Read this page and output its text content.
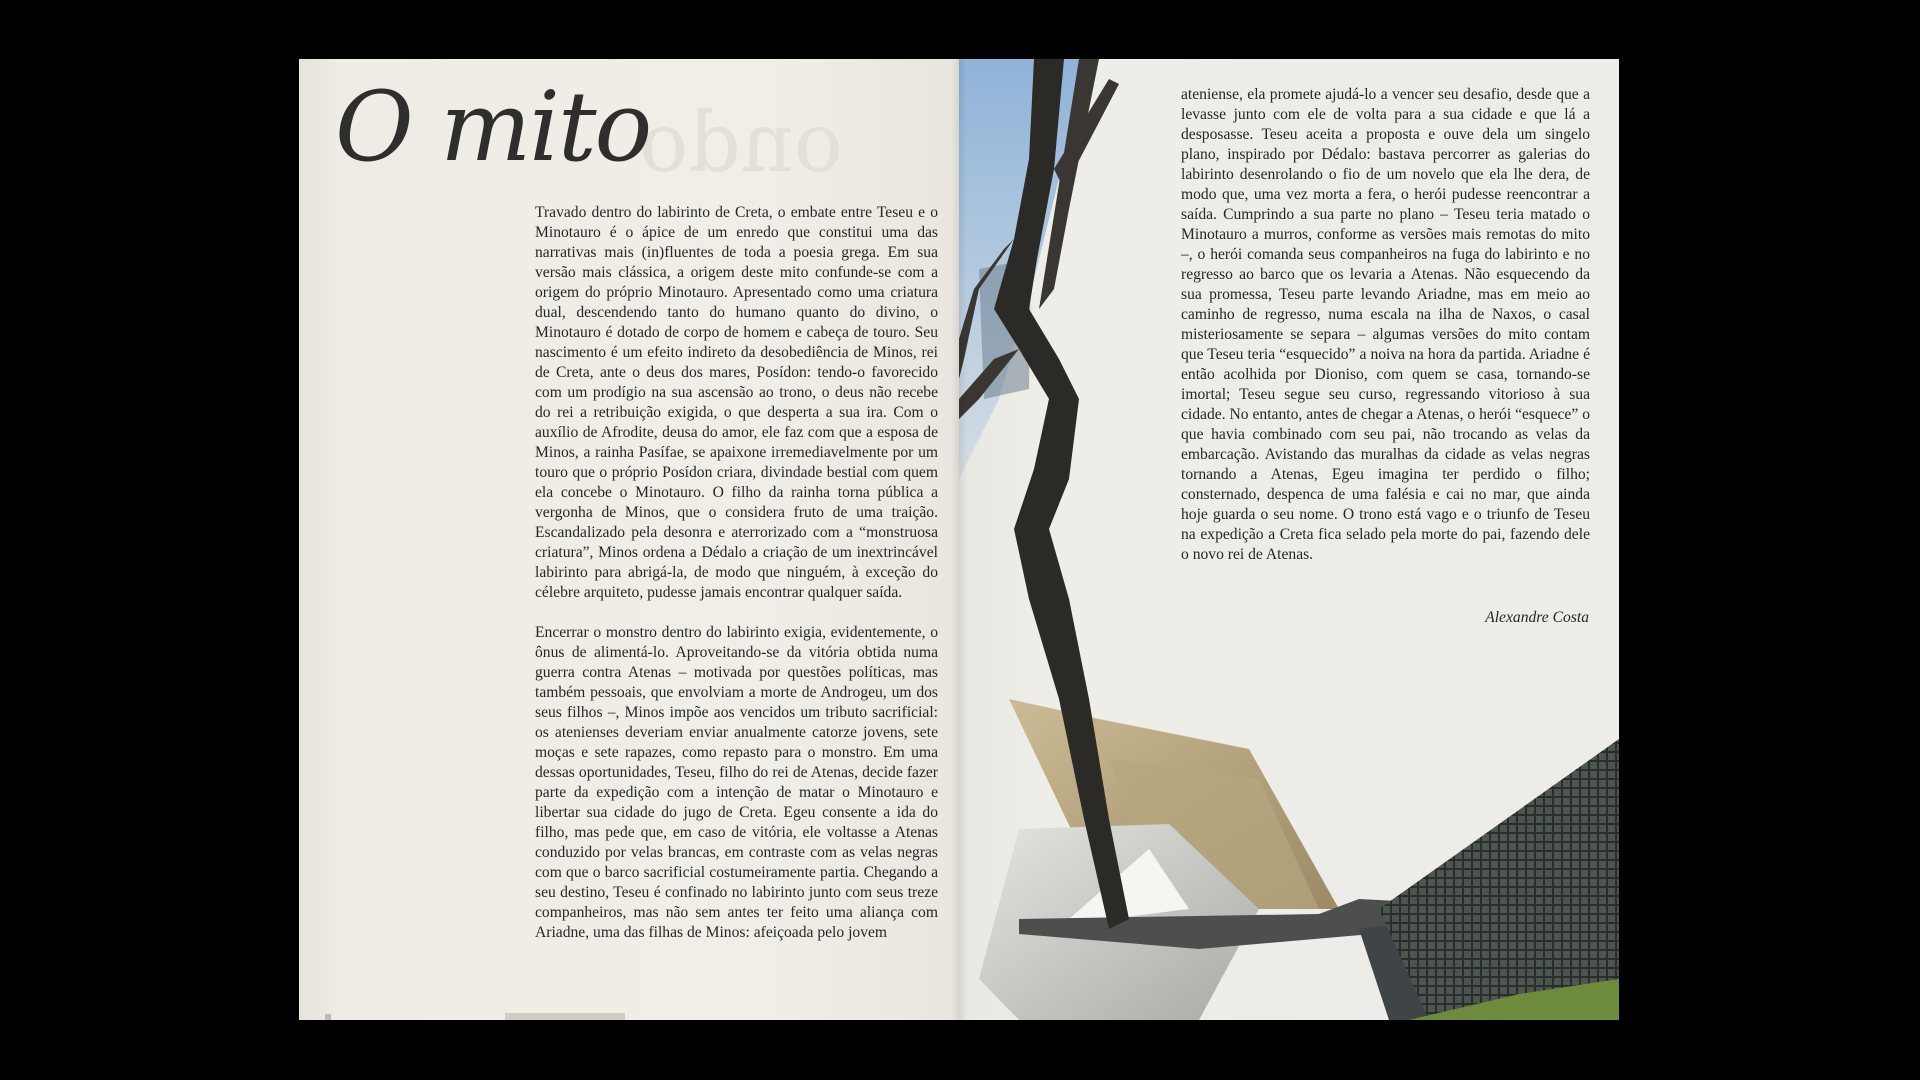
ondo
O mito

Travado dentro do labirinto de Creta, o embate entre Teseu e o Minotauro é o ápice de um enredo que constitui uma das narrativas mais (in)fluentes de toda a poesia grega. Em sua versão mais clássica, a origem deste mito confunde-se com a origem do próprio Minotauro. Apresentado como uma criatura dual, descendendo tanto do humano quanto do divino, o Minotauro é dotado de corpo de homem e cabeça de touro. Seu nascimento é um efeito indireto da desobediência de Minos, rei de Creta, ante o deus dos mares, Posídon: tendo-o favorecido com um prodígio na sua ascensão ao trono, o deus não recebe do rei a retribuição exigida, o que desperta a sua ira. Com o auxílio de Afrodite, deusa do amor, ele faz com que a esposa de Minos, a rainha Pasífae, se apaixone irremediavelmente por um touro que o próprio Posídon criara, divindade bestial com quem ela concebe o Minotauro. O filho da rainha torna pública a vergonha de Minos, que o considera fruto de uma traição. Escandalizado pela desonra e aterrorizado com a “monstruosa criatura”, Minos ordena a Dédalo a criação de um inextrincável labirinto para abrigá-la, de modo que ninguém, à exceção do célebre arquiteto, pudesse jamais encontrar qualquer saída.

Encerrar o monstro dentro do labirinto exigia, evidentemente, o ônus de alimentá-lo. Aproveitando-se da vitória obtida numa guerra contra Atenas – motivada por questões políticas, mas também pessoais, que envolviam a morte de Androgeu, um dos seus filhos –, Minos impõe aos vencidos um tributo sacrificial: os atenienses deveriam enviar anualmente catorze jovens, sete moças e sete rapazes, como repasto para o monstro. Em uma dessas oportunidades, Teseu, filho do rei de Atenas, decide fazer parte da expedição com a intenção de matar o Minotauro e libertar sua cidade do jugo de Creta. Egeu consente a ida do filho, mas pede que, em caso de vitória, ele voltasse a Atenas conduzido por velas brancas, em contraste com as velas negras com que o barco sacrificial costumeiramente partia. Chegando a seu destino, Teseu é confinado no labirinto junto com seus treze companheiros, mas não sem antes ter feito uma aliança com Ariadne, uma das filhas de Minos: afeiçoada pelo jovem

ateniense, ela promete ajudá-lo a vencer seu desafio, desde que a levasse junto com ele de volta para a sua cidade e que lá a desposasse. Teseu aceita a proposta e ouve dela um singelo plano, inspirado por Dédalo: bastava percorrer as galerias do labirinto desenrolando o fio de um novelo que ela lhe dera, de modo que, uma vez morta a fera, o herói pudesse reencontrar a saída. Cumprindo a sua parte no plano – Teseu teria matado o Minotauro a murros, conforme as versões mais remotas do mito –, o herói comanda seus companheiros na fuga do labirinto e no regresso ao barco que os levaria a Atenas. Não esquecendo da sua promessa, Teseu parte levando Ariadne, mas em meio ao caminho de regresso, numa escala na ilha de Naxos, o casal misteriosamente se separa – algumas versões do mito contam que Teseu teria “esquecido” a noiva na hora da partida. Ariadne é então acolhida por Dioniso, com quem se casa, tornando-se imortal; Teseu segue seu curso, regressando vitorioso à sua cidade. No entanto, antes de chegar a Atenas, o herói “esquece” o que havia combinado com seu pai, não trocando as velas da embarcação. Avistando das muralhas da cidade as velas negras tornando a Atenas, Egeu imagina ter perdido o filho; consternado, despenca de uma falésia e cai no mar, que ainda hoje guarda o seu nome. O trono está vago e o triunfo de Teseu na expedição a Creta fica selado pela morte do pai, fazendo dele o novo rei de Atenas.

Alexandre Costa
